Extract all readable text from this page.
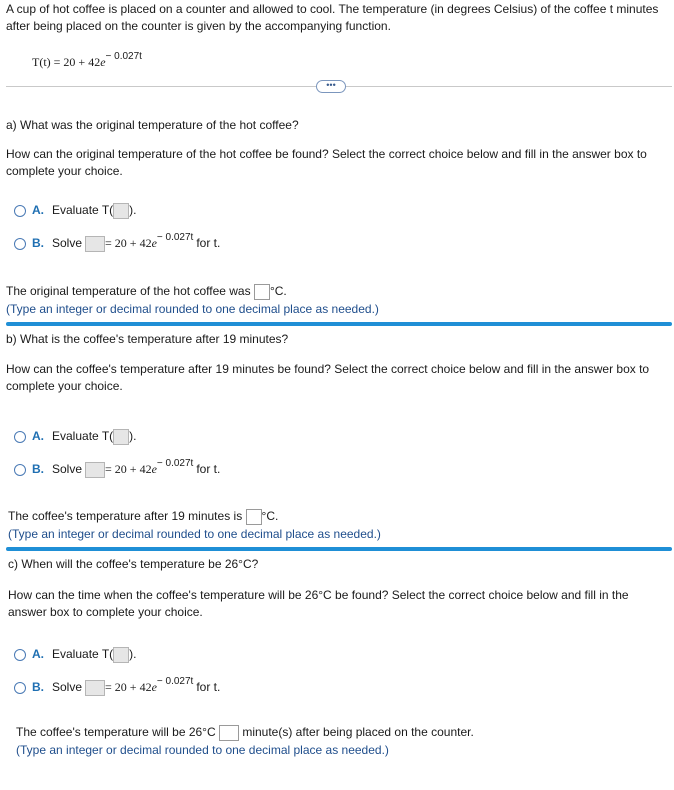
A cup of hot coffee is placed on a counter and allowed to cool. The temperature (in degrees Celsius) of the coffee t minutes after being placed on the counter is given by the accompanying function.
$T(t) = 20 + 42e^{- 0.027t}$
•••
a) What was the original temperature of the hot coffee?
How can the original temperature of the hot coffee be found? Select the correct choice below and fill in the answer box to complete your choice.
A. Evaluate T( ).
B. Solve = $20 + 42e^{- 0.027t}$ for t.
The original temperature of the hot coffee was °C.
(Type an integer or decimal rounded to one decimal place as needed.)
b) What is the coffee's temperature after 19 minutes?
How can the coffee's temperature after 19 minutes be found? Select the correct choice below and fill in the answer box to complete your choice.
A. Evaluate T( ).
B. Solve = $20 + 42e^{- 0.027t}$ for t.
The coffee's temperature after 19 minutes is °C.
(Type an integer or decimal rounded to one decimal place as needed.)
c) When will the coffee's temperature be 26°C?
How can the time when the coffee's temperature will be 26°C be found? Select the correct choice below and fill in the answer box to complete your choice.
A. Evaluate T( ).
B. Solve = $20 + 42e^{- 0.027t}$ for t.
The coffee's temperature will be 26°C minute(s) after being placed on the counter.
(Type an integer or decimal rounded to one decimal place as needed.)
